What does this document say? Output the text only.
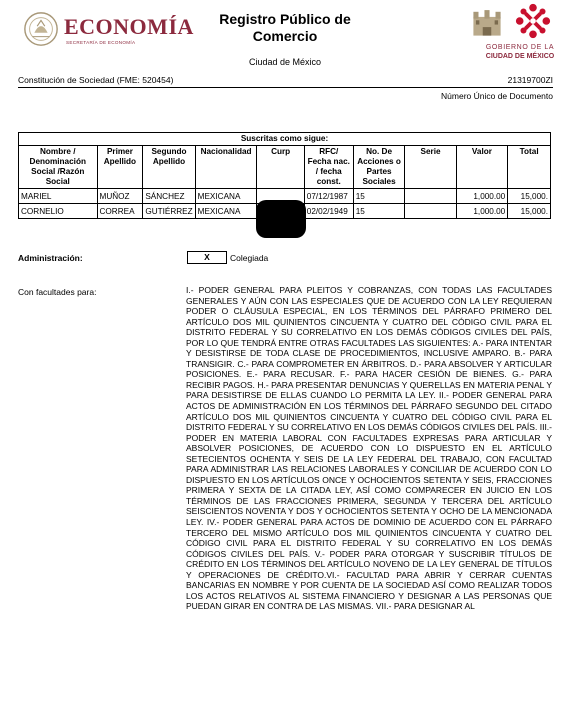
ECONOMÍA
SECRETARÍA DE ECONOMÍA
Registro Público de
Comercio
Ciudad de México
GOBIERNO DE LA
CIUDAD DE MÉXICO
Constitución de Sociedad (FME: 520454)	21319700ZI
Número Único de Documento
Suscritas como sigue:									
Nombre / Denominación Social /Razón Social	Primer Apellido	Segundo Apellido	Nacionalidad	Curp	RFC/ Fecha nac. / fecha const.	No. De Acciones o Partes Sociales	Serie	Valor	Total
MARIEL	MUÑOZ	SÁNCHEZ	MEXICANA		07/12/1987	15		1,000.00	15,000.
CORNELIO	CORREA	GUTIÉRREZ	MEXICANA		02/02/1949	15		1,000.00	15,000.
Administración:	X	Colegiada
Con facultades para:	I.- PODER GENERAL PARA PLEITOS Y COBRANZAS, CON TODAS LAS FACULTADES GENERALES Y AÚN CON LAS ESPECIALES QUE DE ACUERDO CON LA LEY REQUIERAN PODER O CLÁUSULA ESPECIAL, EN LOS TÉRMINOS DEL PÁRRAFO PRIMERO DEL ARTÍCULO DOS MIL QUINIENTOS CINCUENTA Y CUATRO DEL CÓDIGO CIVIL PARA EL DISTRITO FEDERAL Y SU CORRELATIVO EN LOS DEMÁS CÓDIGOS CIVILES DEL PAÍS, POR LO QUE TENDRÁ ENTRE OTRAS FACULTADES LAS SIGUIENTES: A.- PARA INTENTAR Y DESISTIRSE DE TODA CLASE DE PROCEDIMIENTOS, INCLUSIVE AMPARO. B.- PARA TRANSIGIR. C.- PARA COMPROMETER EN ÁRBITROS. D.- PARA ABSOLVER Y ARTICULAR POSICIONES. E.- PARA RECUSAR. F.- PARA HACER CESIÓN DE BIENES. G.- PARA RECIBIR PAGOS. H.- PARA PRESENTAR DENUNCIAS Y QUERELLAS EN MATERIA PENAL Y PARA DESISTIRSE DE ELLAS CUANDO LO PERMITA LA LEY. II.- PODER GENERAL PARA ACTOS DE ADMINISTRACIÓN EN LOS TÉRMINOS DEL PÁRRAFO SEGUNDO DEL CITADO ARTÍCULO DOS MIL QUINIENTOS CINCUENTA Y CUATRO DEL CÓDIGO CIVIL PARA EL DISTRITO FEDERAL Y SU CORRELATIVO EN LOS DEMÁS CÓDIGOS CIVILES DEL PAÍS. III.- PODER EN MATERIA LABORAL CON FACULTADES EXPRESAS PARA ARTICULAR Y ABSOLVER POSICIONES, DE ACUERDO CON LO DISPUESTO EN EL ARTÍCULO SETECIENTOS OCHENTA Y SEIS DE LA LEY FEDERAL DEL TRABAJO, CON FACULTAD PARA ADMINISTRAR LAS RELACIONES LABORALES Y CONCILIAR DE ACUERDO CON LO DISPUESTO EN LOS ARTÍCULOS ONCE Y OCHOCIENTOS SETENTA Y SEIS, FRACCIONES PRIMERA Y SEXTA DE LA CITADA LEY, ASÍ COMO COMPARECER EN JUICIO EN LOS TÉRMINOS DE LAS FRACCIONES PRIMERA, SEGUNDA Y TERCERA DEL ARTÍCULO SEISCIENTOS NOVENTA Y DOS Y OCHOCIENTOS SETENTA Y OCHO DE LA MENCIONADA LEY. IV.- PODER GENERAL PARA ACTOS DE DOMINIO DE ACUERDO CON EL PÁRRAFO TERCERO DEL MISMO ARTÍCULO DOS MIL QUINIENTOS CINCUENTA Y CUATRO DEL CÓDIGO CIVIL PARA EL DISTRITO FEDERAL Y SU CORRELATIVO EN LOS DEMÁS CÓDIGOS CIVILES DEL PAÍS. V.- PODER PARA OTORGAR Y SUSCRIBIR TÍTULOS DE CRÉDITO EN LOS TÉRMINOS DEL ARTÍCULO NOVENO DE LA LEY GENERAL DE TÍTULOS Y OPERACIONES DE CRÉDITO.VI.- FACULTAD PARA ABRIR Y CERRAR CUENTAS BANCARIAS EN NOMBRE Y POR CUENTA DE LA SOCIEDAD ASÍ COMO REALIZAR TODOS LOS ACTOS RELATIVOS AL SISTEMA FINANCIERO Y DESIGNAR A LAS PERSONAS QUE PUEDAN GIRAR EN CONTRA DE LAS MISMAS. VII.- PARA DESIGNAR AL
